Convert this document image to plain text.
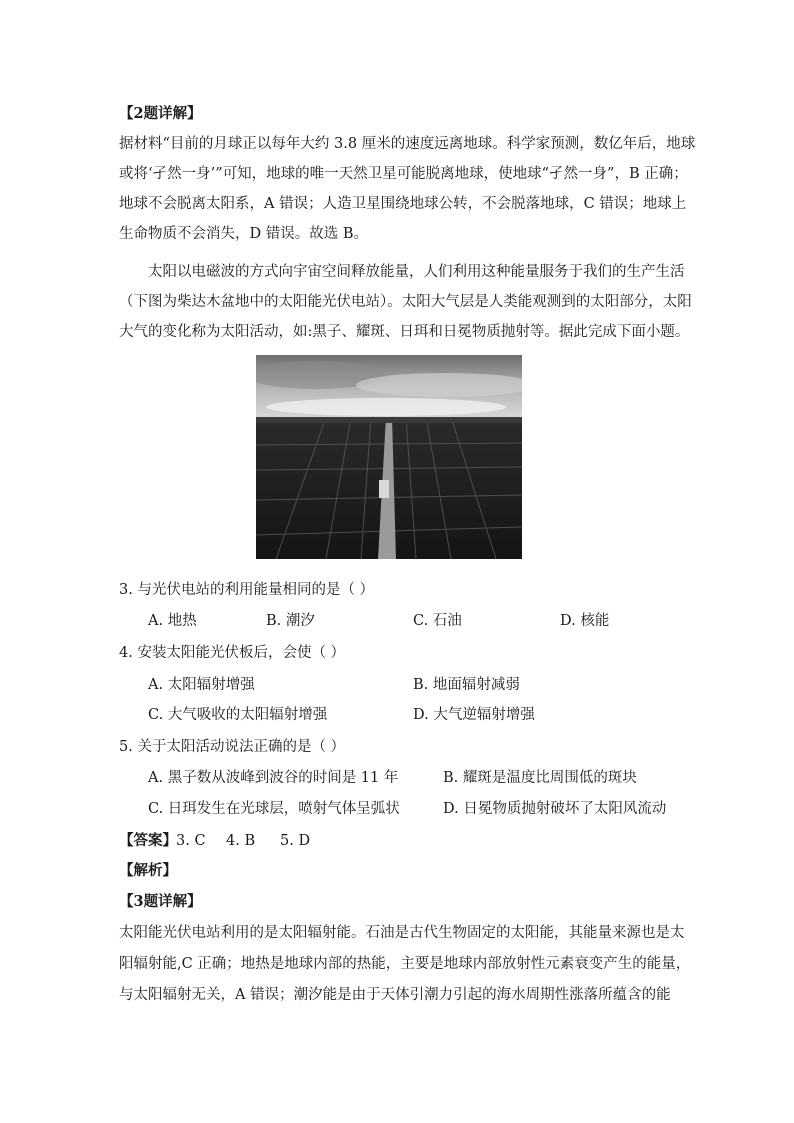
【2题详解】
据材料“目前的月球正以每年大约 3.8 厘米的速度远离地球。科学家预测，数亿年后，地球
或将‘孑然一身’”可知，地球的唯一天然卫星可能脱离地球，使地球“孑然一身”，B 正确；
地球不会脱离太阳系，A 错误；人造卫星围绕地球公转，不会脱落地球，C 错误；地球上
生命物质不会消失，D 错误。故选 B。
太阳以电磁波的方式向宇宙空间释放能量，人们利用这种能量服务于我们的生产生活
（下图为柴达木盆地中的太阳能光伏电站）。太阳大气层是人类能观测到的太阳部分，太阳
大气的变化称为太阳活动，如:黑子、耀斑、日珥和日冕物质抛射等。据此完成下面小题。
3. 与光伏电站的利用能量相同的是（ ）
A. 地热	B. 潮汐	C. 石油	D. 核能
4. 安装太阳能光伏板后，会使（ ）
A. 太阳辐射增强	B. 地面辐射减弱
C. 大气吸收的太阳辐射增强	D. 大气逆辐射增强
5. 关于太阳活动说法正确的是（ ）
A. 黑子数从波峰到波谷的时间是 11 年	B. 耀斑是温度比周围低的斑块
C. 日珥发生在光球层，喷射气体呈弧状	D. 日冕物质抛射破坏了太阳风流动
【答案】 3. C 4. B 5. D
【解析】
【3题详解】
太阳能光伏电站利用的是太阳辐射能。石油是古代生物固定的太阳能，其能量来源也是太
阳辐射能,C 正确；地热是地球内部的热能，主要是地球内部放射性元素衰变产生的能量，
与太阳辐射无关，A 错误；潮汐能是由于天体引潮力引起的海水周期性涨落所蕴含的能
